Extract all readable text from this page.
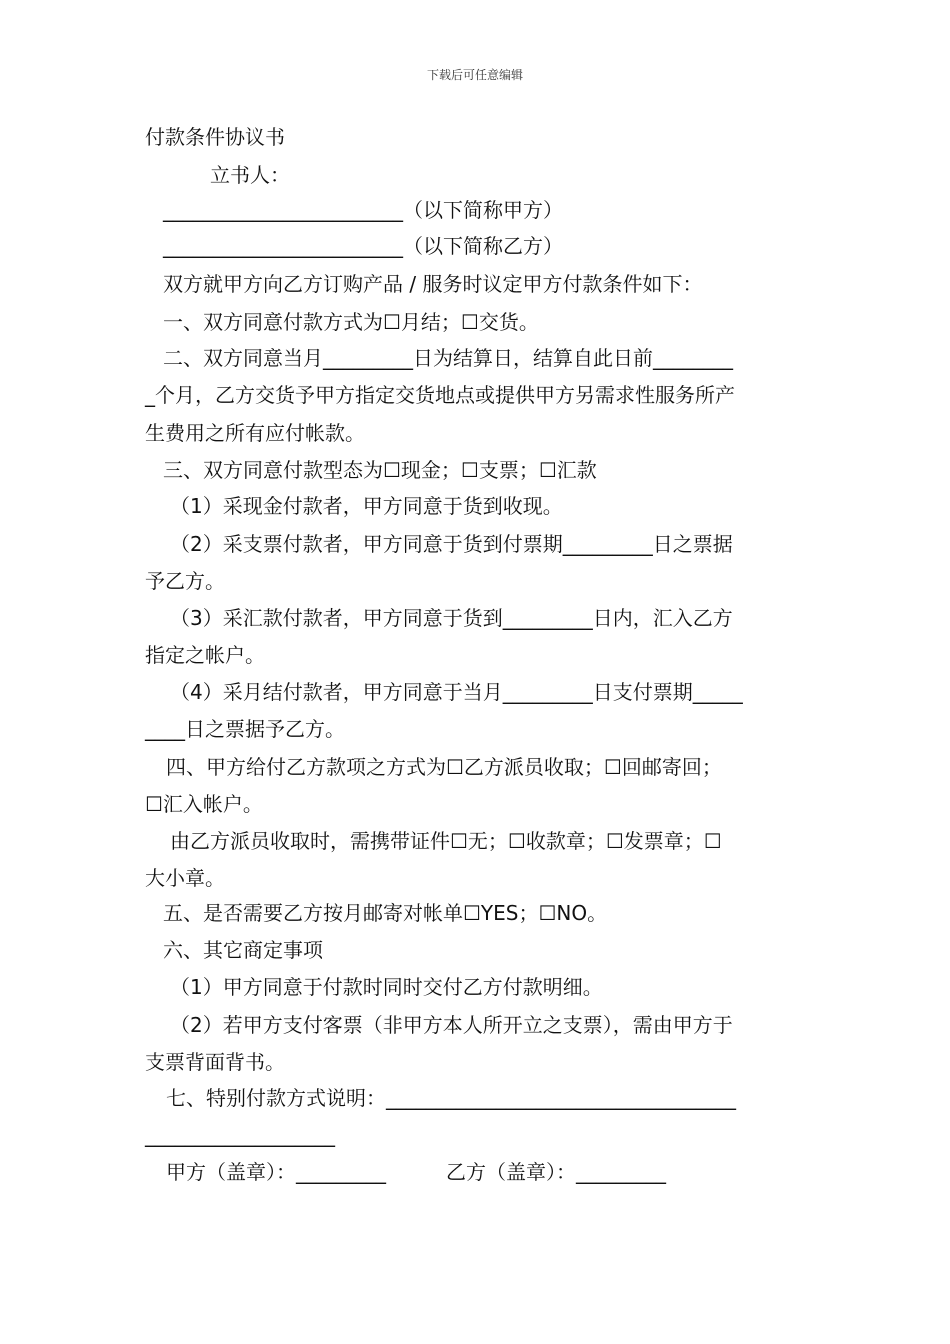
下载后可任意编辑
付款条件协议书
立书人：
________________________（以下简称甲方）
________________________（以下简称乙方）
双方就甲方向乙方订购产品 / 服务时议定甲方付款条件如下：
一、双方同意付款方式为☐月结；☐交货。
二、双方同意当月_________日为结算日，结算自此日前________
_个月，乙方交货予甲方指定交货地点或提供甲方另需求性服务所产
生费用之所有应付帐款。
三、双方同意付款型态为☐现金；☐支票；☐汇款
（1）采现金付款者，甲方同意于货到收现。
（2）采支票付款者，甲方同意于货到付票期_________日之票据
予乙方。
（3）采汇款付款者，甲方同意于货到_________日内，汇入乙方
指定之帐户。
（4）采月结付款者，甲方同意于当月_________日支付票期_____
____日之票据予乙方。
四、甲方给付乙方款项之方式为☐乙方派员收取；☐回邮寄回；
☐汇入帐户。
由乙方派员收取时，需携带证件☐无；☐收款章；☐发票章；☐
大小章。
五、是否需要乙方按月邮寄对帐单☐YES；☐NO。
六、其它商定事项
（1）甲方同意于付款时同时交付乙方付款明细。
（2）若甲方支付客票（非甲方本人所开立之支票），需由甲方于
支票背面背书。
七、特别付款方式说明：___________________________________
___________________
甲方（盖章）：_________　　　乙方（盖章）：_________
